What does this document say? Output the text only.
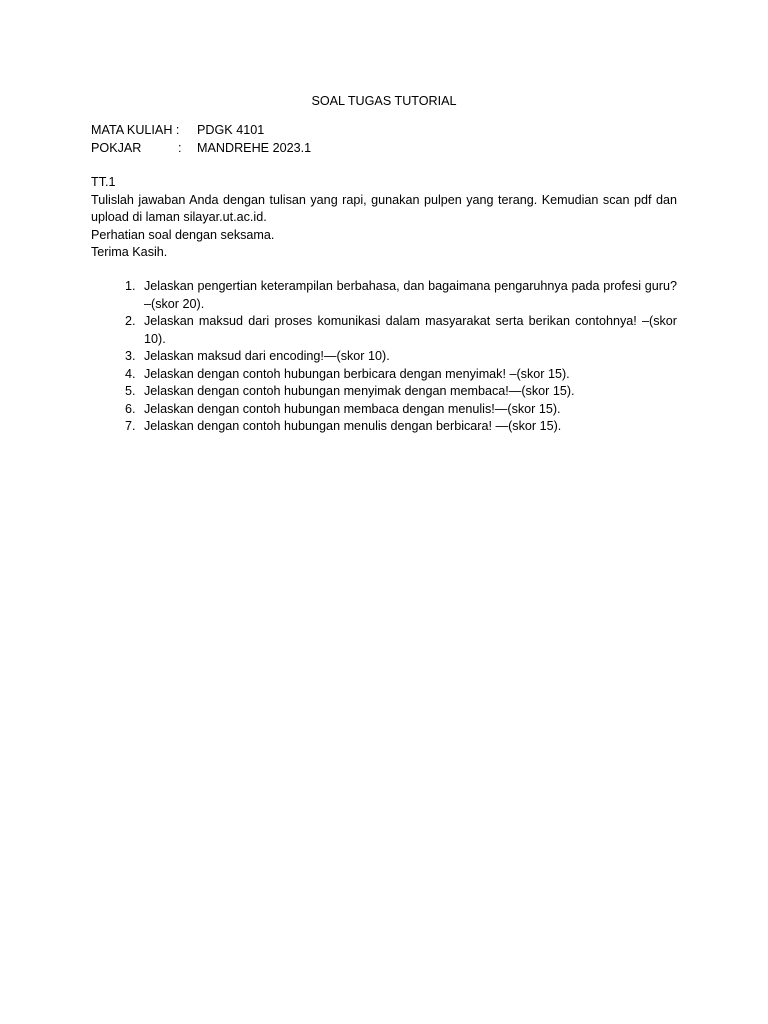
SOAL TUGAS TUTORIAL
MATA KULIAH : PDGK 4101
POKJAR	: MANDREHE 2023.1

TT.1

Tulislah jawaban Anda dengan tulisan yang rapi, gunakan pulpen yang terang. Kemudian scan pdf dan upload di laman silayar.ut.ac.id.

Perhatian soal dengan seksama.

Terima Kasih.

1. Jelaskan pengertian keterampilan berbahasa, dan bagaimana pengaruhnya pada profesi guru? –(skor 20).
2. Jelaskan maksud dari proses komunikasi dalam masyarakat serta berikan contohnya! –(skor 10).
3. Jelaskan maksud dari encoding!—(skor 10).
4. Jelaskan dengan contoh hubungan berbicara dengan menyimak! –(skor 15).
5. Jelaskan dengan contoh hubungan menyimak dengan membaca!—(skor 15).
6. Jelaskan dengan contoh hubungan membaca dengan menulis!—(skor 15).
7. Jelaskan dengan contoh hubungan menulis dengan berbicara! —(skor 15).
